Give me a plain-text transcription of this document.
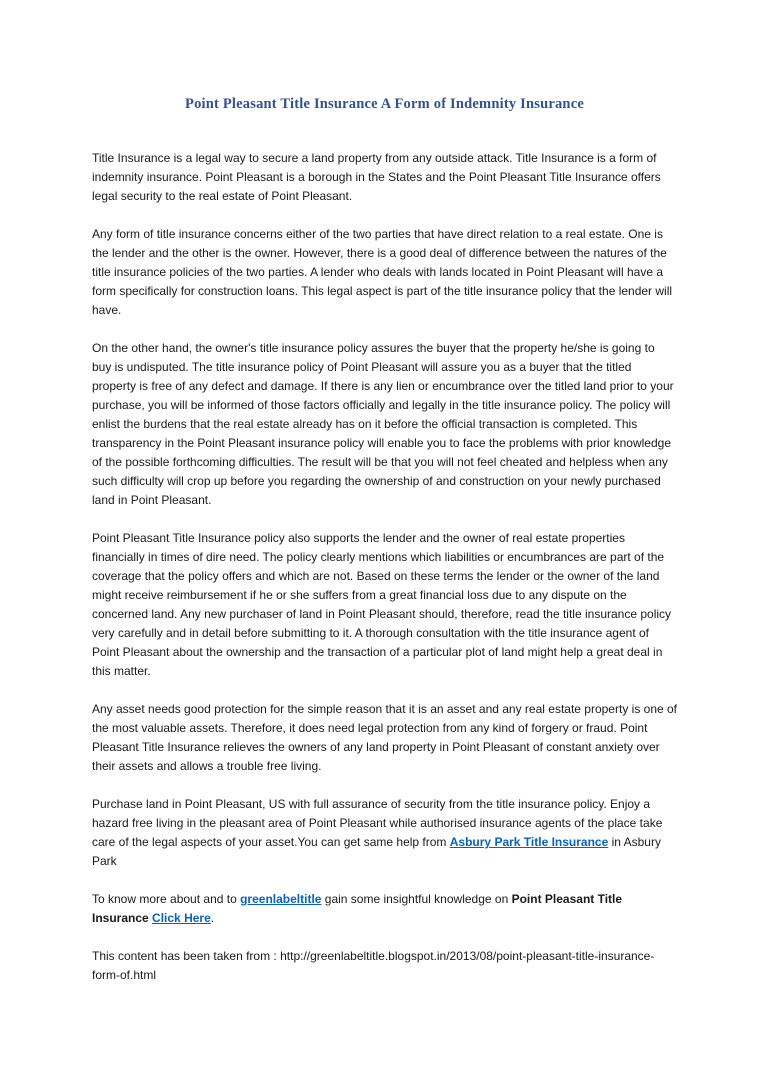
Point Pleasant Title Insurance A Form of Indemnity Insurance

Title Insurance is a legal way to secure a land property from any outside attack. Title Insurance is a form of indemnity insurance. Point Pleasant is a borough in the States and the Point Pleasant Title Insurance offers legal security to the real estate of Point Pleasant.

Any form of title insurance concerns either of the two parties that have direct relation to a real estate. One is the lender and the other is the owner. However, there is a good deal of difference between the natures of the title insurance policies of the two parties. A lender who deals with lands located in Point Pleasant will have a form specifically for construction loans. This legal aspect is part of the title insurance policy that the lender will have.

On the other hand, the owner's title insurance policy assures the buyer that the property he/she is going to buy is undisputed. The title insurance policy of Point Pleasant will assure you as a buyer that the titled property is free of any defect and damage. If there is any lien or encumbrance over the titled land prior to your purchase, you will be informed of those factors officially and legally in the title insurance policy. The policy will enlist the burdens that the real estate already has on it before the official transaction is completed. This transparency in the Point Pleasant insurance policy will enable you to face the problems with prior knowledge of the possible forthcoming difficulties. The result will be that you will not feel cheated and helpless when any such difficulty will crop up before you regarding the ownership of and construction on your newly purchased land in Point Pleasant.

Point Pleasant Title Insurance policy also supports the lender and the owner of real estate properties financially in times of dire need. The policy clearly mentions which liabilities or encumbrances are part of the coverage that the policy offers and which are not. Based on these terms the lender or the owner of the land might receive reimbursement if he or she suffers from a great financial loss due to any dispute on the concerned land. Any new purchaser of land in Point Pleasant should, therefore, read the title insurance policy very carefully and in detail before submitting to it. A thorough consultation with the title insurance agent of Point Pleasant about the ownership and the transaction of a particular plot of land might help a great deal in this matter.

Any asset needs good protection for the simple reason that it is an asset and any real estate property is one of the most valuable assets. Therefore, it does need legal protection from any kind of forgery or fraud. Point Pleasant Title Insurance relieves the owners of any land property in Point Pleasant of constant anxiety over their assets and allows a trouble free living.

Purchase land in Point Pleasant, US with full assurance of security from the title insurance policy. Enjoy a hazard free living in the pleasant area of Point Pleasant while authorised insurance agents of the place take care of the legal aspects of your asset.You can get same help from Asbury Park Title Insurance in Asbury Park

To know more about and to greenlabeltitle gain some insightful knowledge on Point Pleasant Title Insurance Click Here.

This content has been taken from : http://greenlabeltitle.blogspot.in/2013/08/point-pleasant-title-insurance-form-of.html
